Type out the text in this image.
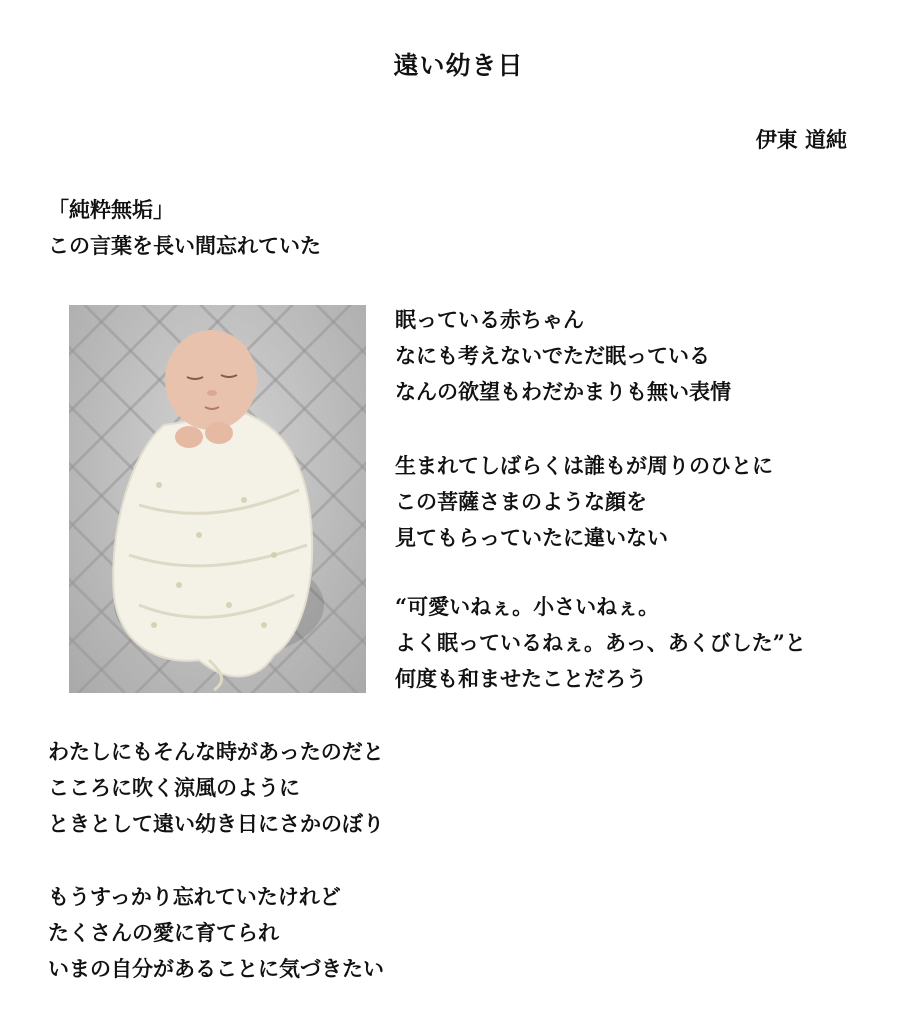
遠い幼き日
伊東 道純
「純粋無垢」
この言葉を長い間忘れていた
眠っている赤ちゃん
なにも考えないでただ眠っている
なんの欲望もわだかまりも無い表情
生まれてしばらくは誰もが周りのひとに
この菩薩さまのような顔を
見てもらっていたに違いない
“可愛いねぇ。小さいねぇ。
よく眠っているねぇ。あっ、あくびした”と
何度も和ませたことだろう
わたしにもそんな時があったのだと
こころに吹く涼風のように
ときとして遠い幼き日にさかのぼり
もうすっかり忘れていたけれど
たくさんの愛に育てられ
いまの自分があることに気づきたい
